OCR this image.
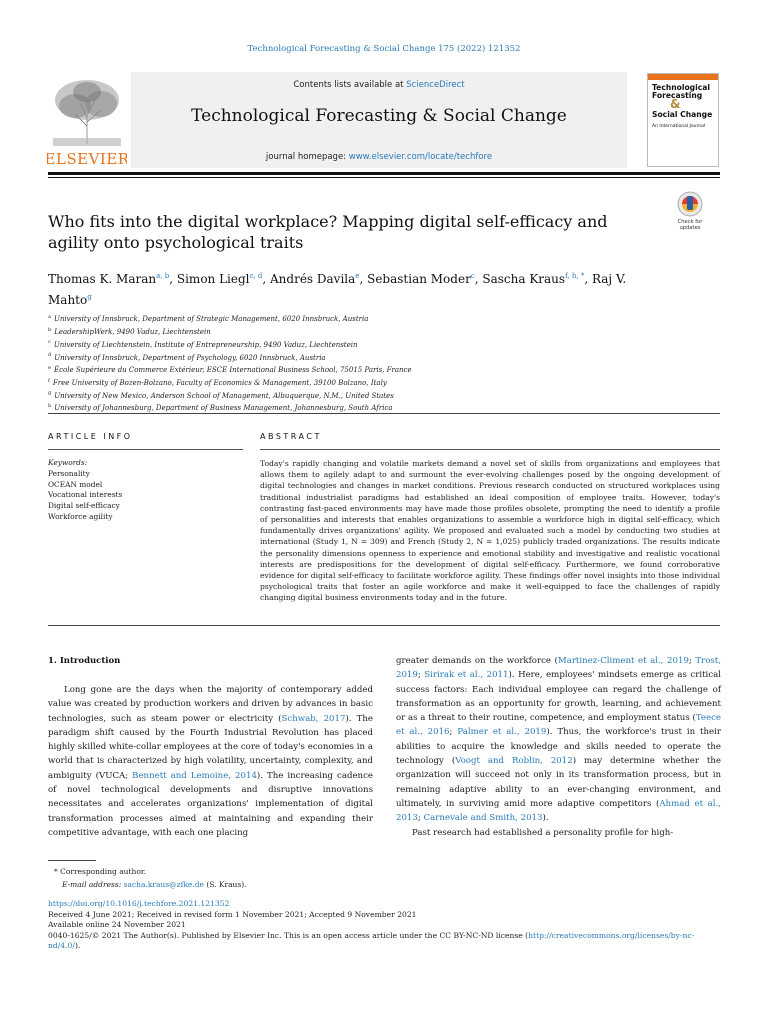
Technological Forecasting & Social Change 175 (2022) 121352
ELSEVIER
Contents lists available at ScienceDirect
Technological Forecasting & Social Change
journal homepage: www.elsevier.com/locate/techfore
Technological
Forecasting
&
Social Change
An International Journal
Who fits into the digital workplace? Mapping digital self-efficacy and agility onto psychological traits
Check for
updates
Thomas K. Maran$^{a, b}$, Simon Liegl$^{c, d}$, Andrés Davila$^e$, Sebastian Moder$^c$, Sascha Kraus$^{f, h, *}$, Raj V. Mahto$^g$
$^a$ University of Innsbruck, Department of Strategic Management, 6020 Innsbruck, Austria
$^b$ LeadershipWerk, 9490 Vaduz, Liechtenstein
$^c$ University of Liechtenstein, Institute of Entrepreneurship, 9490 Vaduz, Liechtenstein
$^d$ University of Innsbruck, Department of Psychology, 6020 Innsbruck, Austria
$^e$ École Supérieure du Commerce Extérieur, ESCE International Business School, 75015 Paris, France
$^f$ Free University of Bozen-Bolzano, Faculty of Economics & Management, 39100 Bolzano, Italy
$^g$ University of New Mexico, Anderson School of Management, Albuquerque, N.M., United States
$^h$ University of Johannesburg, Department of Business Management, Johannesburg, South Africa
ARTICLE INFO	ABSTRACT
Keywords:
Personality
OCEAN model
Vocational interests
Digital self-efficacy
Workforce agility
Today's rapidly changing and volatile markets demand a novel set of skills from organizations and employees that allows them to agilely adapt to and surmount the ever-evolving challenges posed by the ongoing development of digital technologies and changes in market conditions. Previous research conducted on structured workplaces using traditional industrialist paradigms had established an ideal composition of employee traits. However, today's contrasting fast-paced environments may have made those profiles obsolete, prompting the need to identify a profile of personalities and interests that enables organizations to assemble a workforce high in digital self-efficacy, which fundamentally drives organizations' agility. We proposed and evaluated such a model by conducting two studies at international (Study 1, N = 309) and French (Study 2, N = 1,025) publicly traded organizations. The results indicate the personality dimensions openness to experience and emotional stability and investigative and realistic vocational interests are predispositions for the development of digital self-efficacy. Furthermore, we found corroborative evidence for digital self-efficacy to facilitate workforce agility. These findings offer novel insights into those individual psychological traits that foster an agile workforce and make it well-equipped to face the challenges of rapidly changing digital business environments today and in the future.
1. Introduction
Long gone are the days when the majority of contemporary added value was created by production workers and driven by advances in basic technologies, such as steam power or electricity (Schwab, 2017). The paradigm shift caused by the Fourth Industrial Revolution has placed highly skilled white-collar employees at the core of today's economies in a world that is characterized by high volatility, uncertainty, complexity, and ambiguity (VUCA; Bennett and Lemoine, 2014). The increasing cadence of novel technological developments and disruptive innovations necessitates and accelerates organizations' implementation of digital transformation processes aimed at maintaining and expanding their competitive advantage, with each one placing

greater demands on the workforce (Martinez-Climent et al., 2019; Trost, 2019; Sirirak et al., 2011). Here, employees' mindsets emerge as critical success factors: Each individual employee can regard the challenge of transformation as an opportunity for growth, learning, and achievement or as a threat to their routine, competence, and employment status (Teece et al., 2016; Palmer et al., 2019). Thus, the workforce's trust in their abilities to acquire the knowledge and skills needed to operate the technology (Voogt and Roblin, 2012) may determine whether the organization will succeed not only in its transformation process, but in remaining adaptive ability to an ever-changing environment, and ultimately, in surviving amid more adaptive competitors (Ahmad et al., 2013; Carnevale and Smith, 2013).

Past research had established a personality profile for high-

* Corresponding author.
E-mail address: sacha.kraus@zfke.de (S. Kraus).
https://doi.org/10.1016/j.techfore.2021.121352
Received 4 June 2021; Received in revised form 1 November 2021; Accepted 9 November 2021
Available online 24 November 2021
0040-1625/© 2021 The Author(s). Published by Elsevier Inc. This is an open access article under the CC BY-NC-ND license (http://creativecommons.org/licenses/by-nc-nd/4.0/).
